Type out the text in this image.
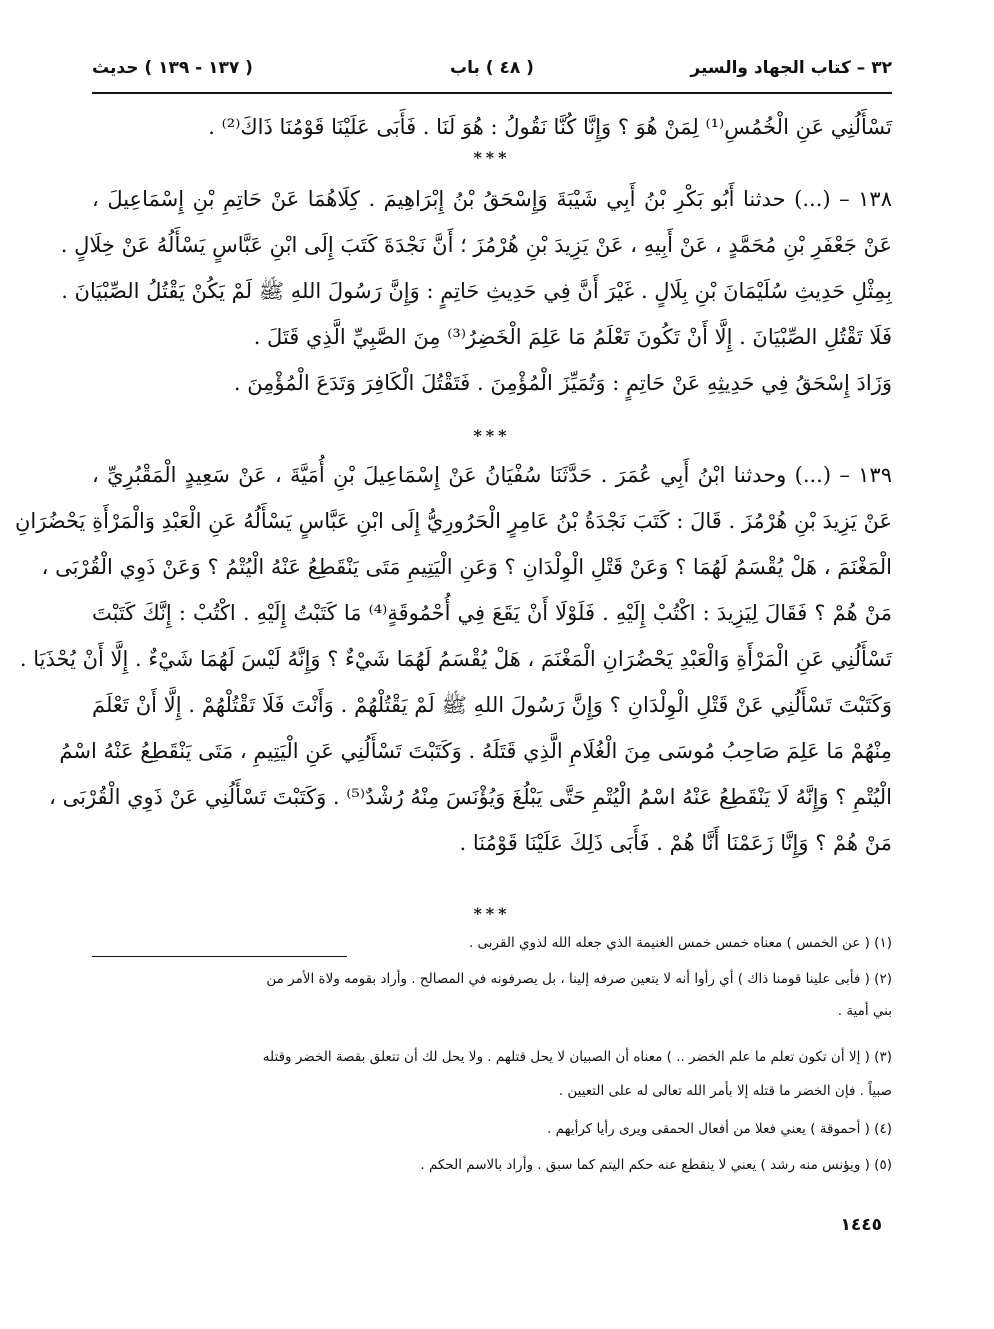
٣٢ – كتاب الجهاد والسير
( ٤٨ ) باب
( ١٣٧ - ١٣٩ ) حديث
تَسْأَلُنِي عَنِ الْخُمُسِ⁽¹⁾ لِمَنْ هُوَ ؟ وَإِنَّا كُنَّا نَقُولُ : هُوَ لَنَا . فَأَبَى عَلَيْنَا قَوْمُنَا ذَاكَ⁽²⁾ .
***
١٣٨ – (...) حدثنا أَبُو بَكْرِ بْنُ أَبِي شَيْبَةَ وَإِسْحَقُ بْنُ إِبْرَاهِيمَ . كِلَاهُمَا عَنْ حَاتِمِ بْنِ إِسْمَاعِيلَ ،
عَنْ جَعْفَرِ بْنِ مُحَمَّدٍ ، عَنْ أَبِيهِ ، عَنْ يَزِيدَ بْنِ هُرْمُزَ ؛ أَنَّ نَجْدَةَ كَتَبَ إِلَى ابْنِ عَبَّاسٍ يَسْأَلُهُ عَنْ خِلَالٍ .
بِمِثْلِ حَدِيثِ سُلَيْمَانَ بْنِ بِلَالٍ . غَيْرَ أَنَّ فِي حَدِيثِ حَاتِمٍ : وَإِنَّ رَسُولَ اللهِ ﷺ لَمْ يَكُنْ يَقْتُلُ الصِّبْيَانَ .
فَلَا تَقْتُلِ الصِّبْيَانَ . إِلَّا أَنْ تَكُونَ تَعْلَمُ مَا عَلِمَ الْخَضِرُ⁽³⁾ مِنَ الصَّبِيِّ الَّذِي قَتَلَ .
وَزَادَ إِسْحَقُ فِي حَدِيثِهِ عَنْ حَاتِمٍ : وَتُمَيِّزَ الْمُؤْمِنَ . فَتَقْتُلَ الْكَافِرَ وَتَدَعَ الْمُؤْمِنَ .
***
١٣٩ – (...) وحدثنا ابْنُ أَبِي عُمَرَ . حَدَّثَنَا سُفْيَانُ عَنْ إِسْمَاعِيلَ بْنِ أُمَيَّةَ ، عَنْ سَعِيدٍ الْمَقْبُرِيِّ ،
عَنْ يَزِيدَ بْنِ هُرْمُزَ . قَالَ : كَتَبَ نَجْدَةُ بْنُ عَامِرٍ الْحَرُورِيُّ إِلَى ابْنِ عَبَّاسٍ يَسْأَلُهُ عَنِ الْعَبْدِ وَالْمَرْأَةِ يَحْضُرَانِ
الْمَغْنَمَ ، هَلْ يُقْسَمُ لَهُمَا ؟ وَعَنْ قَتْلِ الْوِلْدَانِ ؟ وَعَنِ الْيَتِيمِ مَتَى يَنْقَطِعُ عَنْهُ الْيُتْمُ ؟ وَعَنْ ذَوِي الْقُرْبَى ،
مَنْ هُمْ ؟ فَقَالَ لِيَزِيدَ : اكْتُبْ إِلَيْهِ . فَلَوْلَا أَنْ يَقَعَ فِي أُحْمُوقَةٍ⁽⁴⁾ مَا كَتَبْتُ إِلَيْهِ . اكْتُبْ : إِنَّكَ كَتَبْتَ
تَسْأَلُنِي عَنِ الْمَرْأَةِ وَالْعَبْدِ يَحْضُرَانِ الْمَغْنَمَ ، هَلْ يُقْسَمُ لَهُمَا شَيْءٌ ؟ وَإِنَّهُ لَيْسَ لَهُمَا شَيْءٌ . إِلَّا أَنْ يُحْذَيَا .
وَكَتَبْتَ تَسْأَلُنِي عَنْ قَتْلِ الْوِلْدَانِ ؟ وَإِنَّ رَسُولَ اللهِ ﷺ لَمْ يَقْتُلْهُمْ . وَأَنْتَ فَلَا تَقْتُلْهُمْ . إِلَّا أَنْ تَعْلَمَ
مِنْهُمْ مَا عَلِمَ صَاحِبُ مُوسَى مِنَ الْغُلَامِ الَّذِي قَتَلَهُ . وَكَتَبْتَ تَسْأَلُنِي عَنِ الْيَتِيمِ ، مَتَى يَنْقَطِعُ عَنْهُ اسْمُ
الْيُتْمِ ؟ وَإِنَّهُ لَا يَنْقَطِعُ عَنْهُ اسْمُ الْيُتْمِ حَتَّى يَبْلُغَ وَيُؤْنَسَ مِنْهُ رُشْدٌ⁽⁵⁾ . وَكَتَبْتَ تَسْأَلُنِي عَنْ ذَوِي الْقُرْبَى ،
مَنْ هُمْ ؟ وَإِنَّا زَعَمْنَا أَنَّا هُمْ . فَأَبَى ذَلِكَ عَلَيْنَا قَوْمُنَا .
***
(١) ( عن الخمس ) معناه خمس خمس الغنيمة الذي جعله الله لذوي القربى .
(٢) ( فأبى علينا قومنا ذاك ) أي رأوا أنه لا يتعين صرفه إلينا ، بل يصرفونه في المصالح . وأراد بقومه ولاة الأمر من
بني أمية .
(٣) ( إلا أن تكون تعلم ما علم الخضر .. ) معناه أن الصبيان لا يحل قتلهم . ولا يحل لك أن تتعلق بقصة الخضر وقتله
صبياً . فإن الخضر ما قتله إلا بأمر الله تعالى له على التعيين .
(٤) ( أحموقة ) يعني فعلا من أفعال الحمقى ويرى رأيا كرأيهم .
(٥) ( ويؤنس منه رشد ) يعني لا ينقطع عنه حكم اليتم كما سبق . وأراد بالاسم الحكم .
١٤٤٥
